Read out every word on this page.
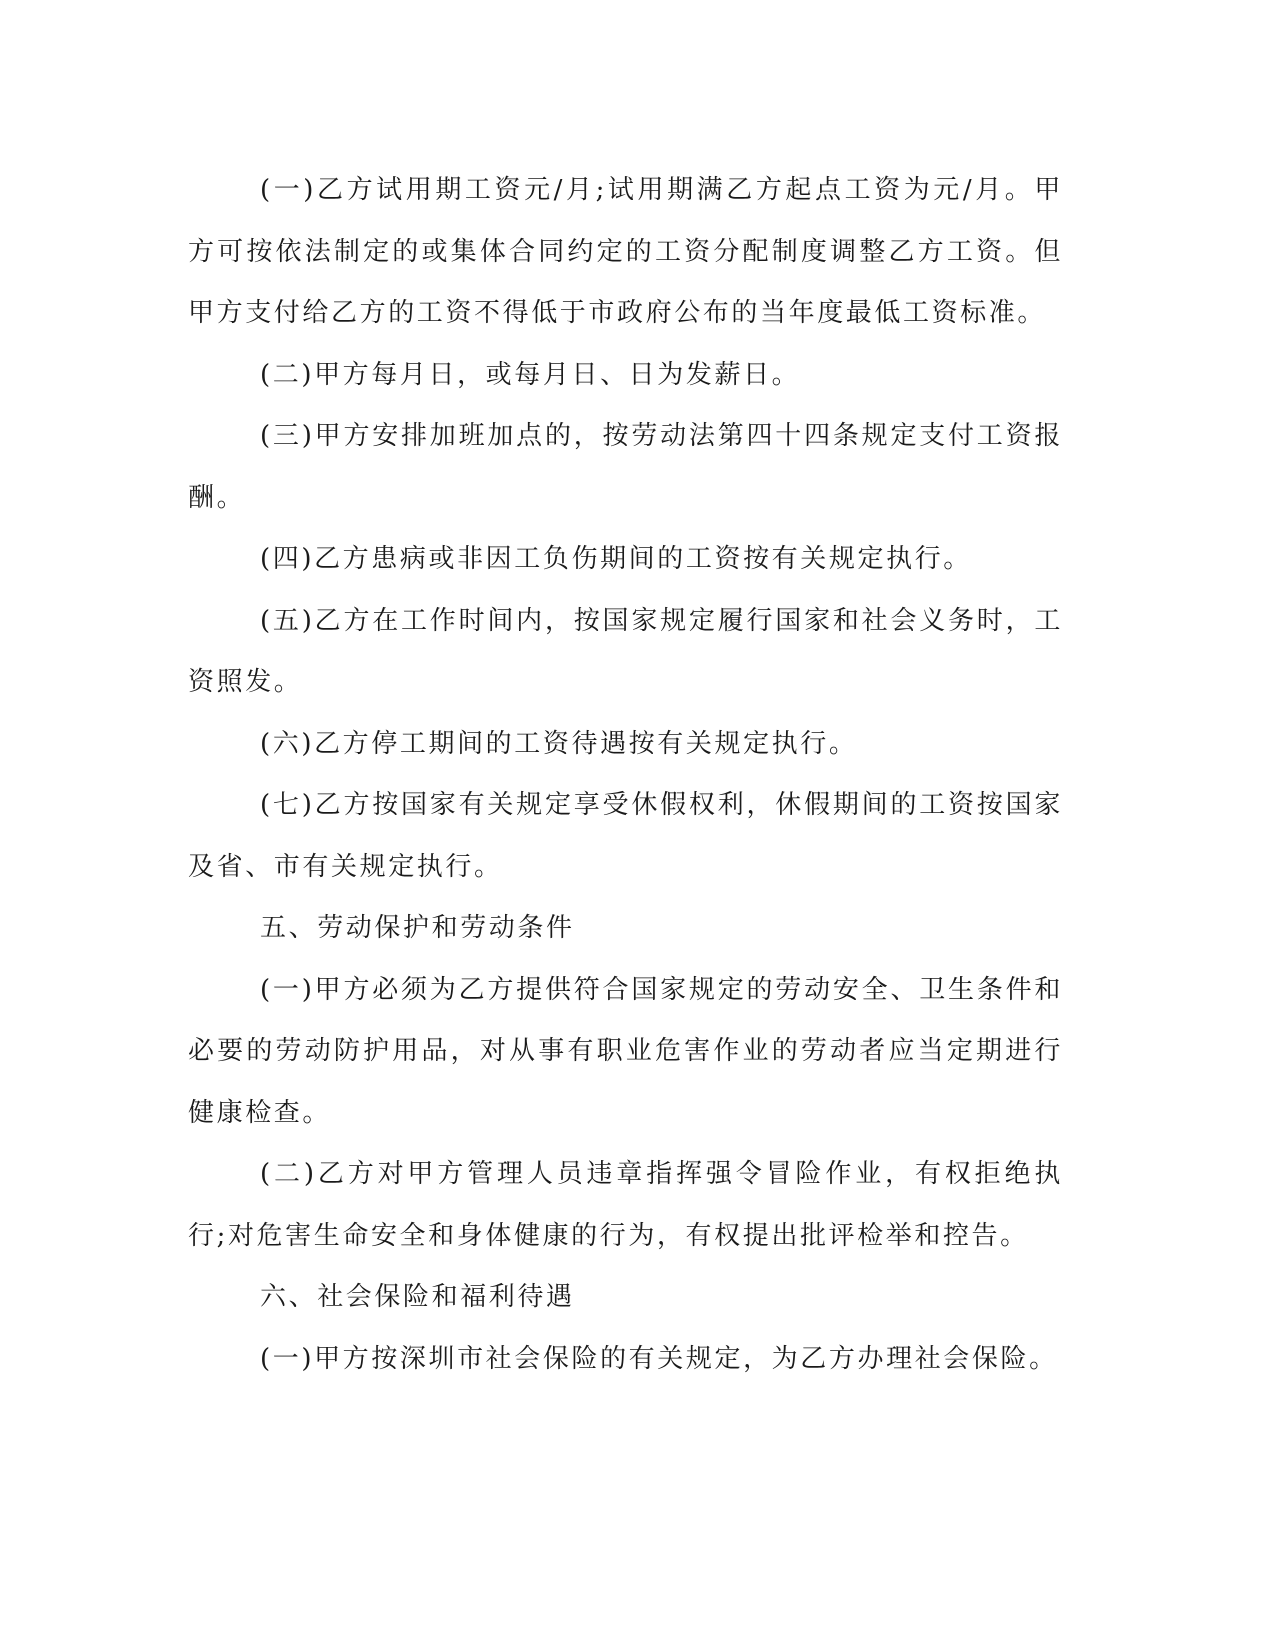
(一)乙方试用期工资元/月;试用期满乙方起点工资为元/月。甲方可按依法制定的或集体合同约定的工资分配制度调整乙方工资。但甲方支付给乙方的工资不得低于市政府公布的当年度最低工资标准。

(二)甲方每月日，或每月日、日为发薪日。

(三)甲方安排加班加点的，按劳动法第四十四条规定支付工资报酬。

(四)乙方患病或非因工负伤期间的工资按有关规定执行。

(五)乙方在工作时间内，按国家规定履行国家和社会义务时，工资照发。

(六)乙方停工期间的工资待遇按有关规定执行。

(七)乙方按国家有关规定享受休假权利，休假期间的工资按国家及省、市有关规定执行。

五、劳动保护和劳动条件

(一)甲方必须为乙方提供符合国家规定的劳动安全、卫生条件和必要的劳动防护用品，对从事有职业危害作业的劳动者应当定期进行健康检查。

(二)乙方对甲方管理人员违章指挥强令冒险作业，有权拒绝执行;对危害生命安全和身体健康的行为，有权提出批评检举和控告。

六、社会保险和福利待遇

(一)甲方按深圳市社会保险的有关规定，为乙方办理社会保险。
